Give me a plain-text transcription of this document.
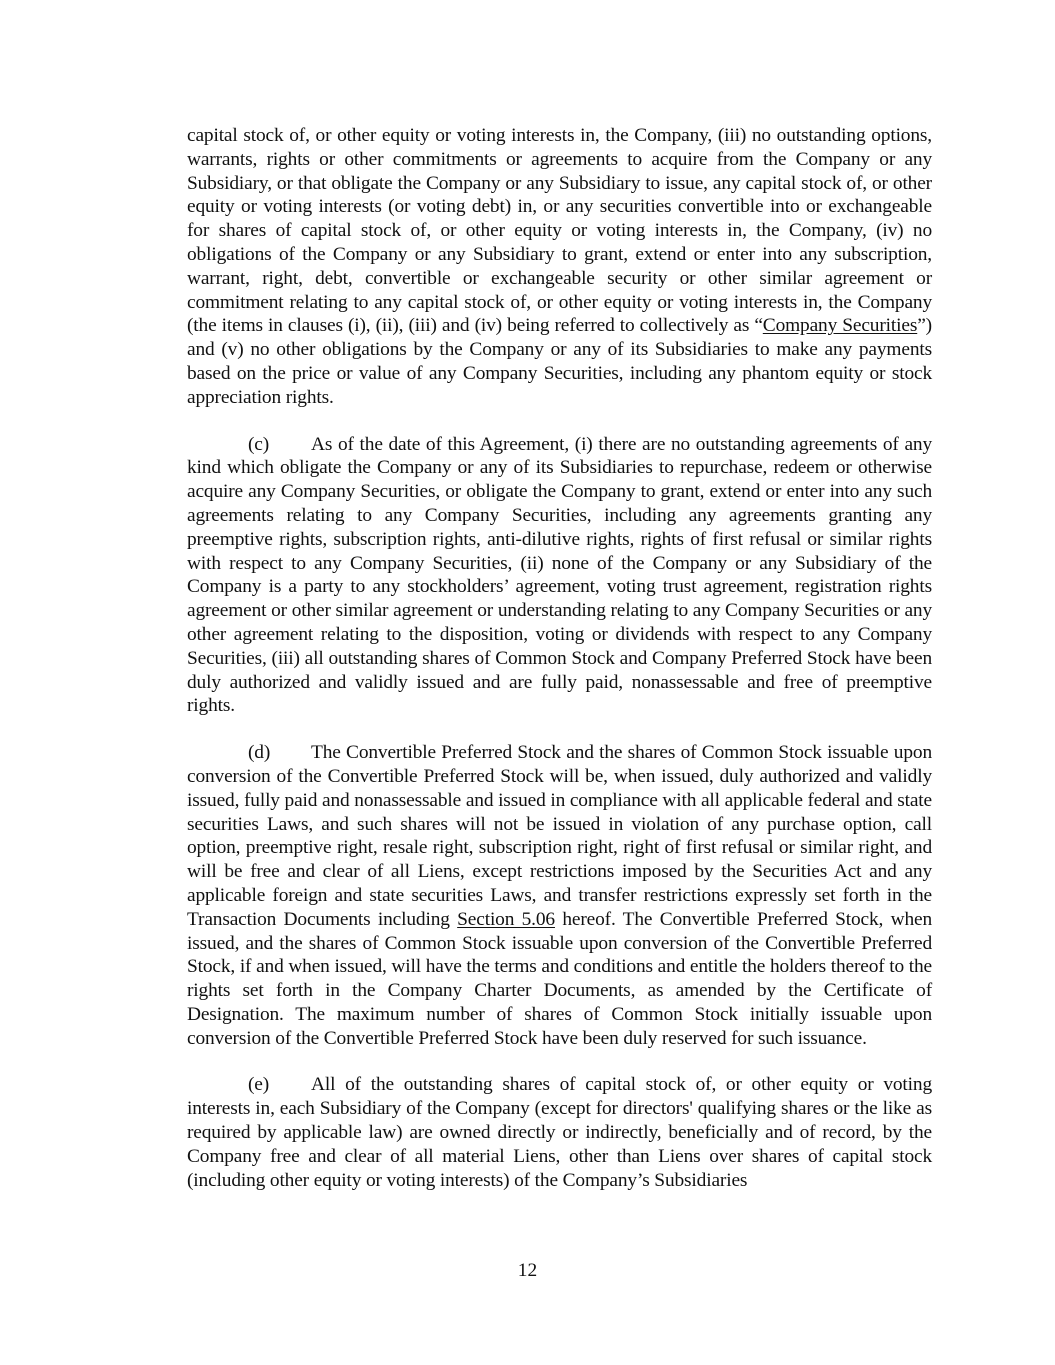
capital stock of, or other equity or voting interests in, the Company, (iii) no outstanding options, warrants, rights or other commitments or agreements to acquire from the Company or any Subsidiary, or that obligate the Company or any Subsidiary to issue, any capital stock of, or other equity or voting interests (or voting debt) in, or any securities convertible into or exchangeable for shares of capital stock of, or other equity or voting interests in, the Company, (iv) no obligations of the Company or any Subsidiary to grant, extend or enter into any subscription, warrant, right, debt, convertible or exchangeable security or other similar agreement or commitment relating to any capital stock of, or other equity or voting interests in, the Company (the items in clauses (i), (ii), (iii) and (iv) being referred to collectively as “Company Securities”) and (v) no other obligations by the Company or any of its Subsidiaries to make any payments based on the price or value of any Company Securities, including any phantom equity or stock appreciation rights.

(c) As of the date of this Agreement, (i) there are no outstanding agreements of any kind which obligate the Company or any of its Subsidiaries to repurchase, redeem or otherwise acquire any Company Securities, or obligate the Company to grant, extend or enter into any such agreements relating to any Company Securities, including any agreements granting any preemptive rights, subscription rights, anti-dilutive rights, rights of first refusal or similar rights with respect to any Company Securities, (ii) none of the Company or any Subsidiary of the Company is a party to any stockholders’ agreement, voting trust agreement, registration rights agreement or other similar agreement or understanding relating to any Company Securities or any other agreement relating to the disposition, voting or dividends with respect to any Company Securities, (iii) all outstanding shares of Common Stock and Company Preferred Stock have been duly authorized and validly issued and are fully paid, nonassessable and free of preemptive rights.

(d) The Convertible Preferred Stock and the shares of Common Stock issuable upon conversion of the Convertible Preferred Stock will be, when issued, duly authorized and validly issued, fully paid and nonassessable and issued in compliance with all applicable federal and state securities Laws, and such shares will not be issued in violation of any purchase option, call option, preemptive right, resale right, subscription right, right of first refusal or similar right, and will be free and clear of all Liens, except restrictions imposed by the Securities Act and any applicable foreign and state securities Laws, and transfer restrictions expressly set forth in the Transaction Documents including Section 5.06 hereof. The Convertible Preferred Stock, when issued, and the shares of Common Stock issuable upon conversion of the Convertible Preferred Stock, if and when issued, will have the terms and conditions and entitle the holders thereof to the rights set forth in the Company Charter Documents, as amended by the Certificate of Designation. The maximum number of shares of Common Stock initially issuable upon conversion of the Convertible Preferred Stock have been duly reserved for such issuance.

(e) All of the outstanding shares of capital stock of, or other equity or voting interests in, each Subsidiary of the Company (except for directors' qualifying shares or the like as required by applicable law) are owned directly or indirectly, beneficially and of record, by the Company free and clear of all material Liens, other than Liens over shares of capital stock (including other equity or voting interests) of the Company’s Subsidiaries

12
